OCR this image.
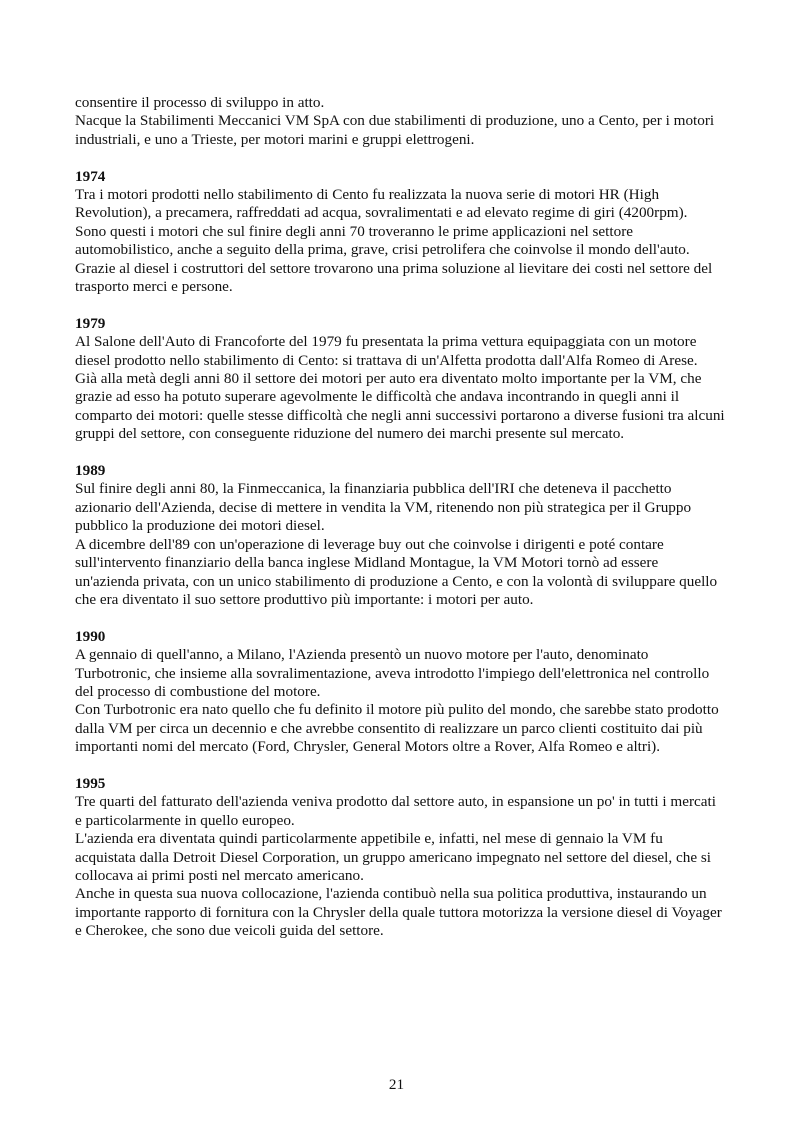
consentire il processo di sviluppo in atto.

Nacque la Stabilimenti Meccanici VM SpA con due stabilimenti di produzione, uno a Cento, per i motori industriali, e uno a Trieste, per motori marini e gruppi elettrogeni.

1974

Tra i motori prodotti nello stabilimento di Cento fu realizzata la nuova serie di motori HR (High Revolution), a precamera, raffreddati ad acqua, sovralimentati e ad elevato regime di giri (4200rpm).

Sono questi i motori che sul finire degli anni 70 troveranno le prime applicazioni nel settore automobilistico, anche a seguito della prima, grave, crisi petrolifera che coinvolse il mondo dell'auto.

Grazie al diesel i costruttori del settore trovarono una prima soluzione al lievitare dei costi nel settore del trasporto merci e persone.

1979

Al Salone dell'Auto di Francoforte del 1979 fu presentata la prima vettura equipaggiata con un motore diesel prodotto nello stabilimento di Cento: si trattava di un'Alfetta prodotta dall'Alfa Romeo di Arese.

Già alla metà degli anni 80 il settore dei motori per auto era diventato molto importante per la VM, che grazie ad esso ha potuto superare agevolmente le difficoltà che andava incontrando in quegli anni il comparto dei motori: quelle stesse difficoltà che negli anni successivi portarono a diverse fusioni tra alcuni gruppi del settore, con conseguente riduzione del numero dei marchi presente sul mercato.

1989

Sul finire degli anni 80, la Finmeccanica, la finanziaria pubblica dell'IRI che deteneva il pacchetto azionario dell'Azienda, decise di mettere in vendita la VM, ritenendo non più strategica per il Gruppo pubblico la produzione dei motori diesel.

A dicembre dell'89 con un'operazione di leverage buy out che coinvolse i dirigenti e poté contare sull'intervento finanziario della banca inglese Midland Montague, la VM Motori tornò ad essere un'azienda privata, con un unico stabilimento di produzione a Cento, e con la volontà di sviluppare quello che era diventato il suo settore produttivo più importante: i motori per auto.

1990

A gennaio di quell'anno, a Milano, l'Azienda presentò un nuovo motore per l'auto, denominato Turbotronic, che insieme alla sovralimentazione, aveva introdotto l'impiego dell'elettronica nel controllo del processo di combustione del motore.

Con Turbotronic era nato quello che fu definito il motore più pulito del mondo, che sarebbe stato prodotto dalla VM per circa un decennio e che avrebbe consentito di realizzare un parco clienti costituito dai più importanti nomi del mercato (Ford, Chrysler, General Motors oltre a Rover, Alfa Romeo e altri).

1995

Tre quarti del fatturato dell'azienda veniva prodotto dal settore auto, in espansione un po' in tutti i mercati e particolarmente in quello europeo.

L'azienda era diventata quindi particolarmente appetibile e, infatti, nel mese di gennaio la VM fu acquistata dalla Detroit Diesel Corporation, un gruppo americano impegnato nel settore del diesel, che si collocava ai primi posti nel mercato americano.

Anche in questa sua nuova collocazione, l'azienda contibuò nella sua politica produttiva, instaurando un importante rapporto di fornitura con la Chrysler della quale tuttora motorizza la versione diesel di Voyager e Cherokee, che sono due veicoli guida del settore.

21
